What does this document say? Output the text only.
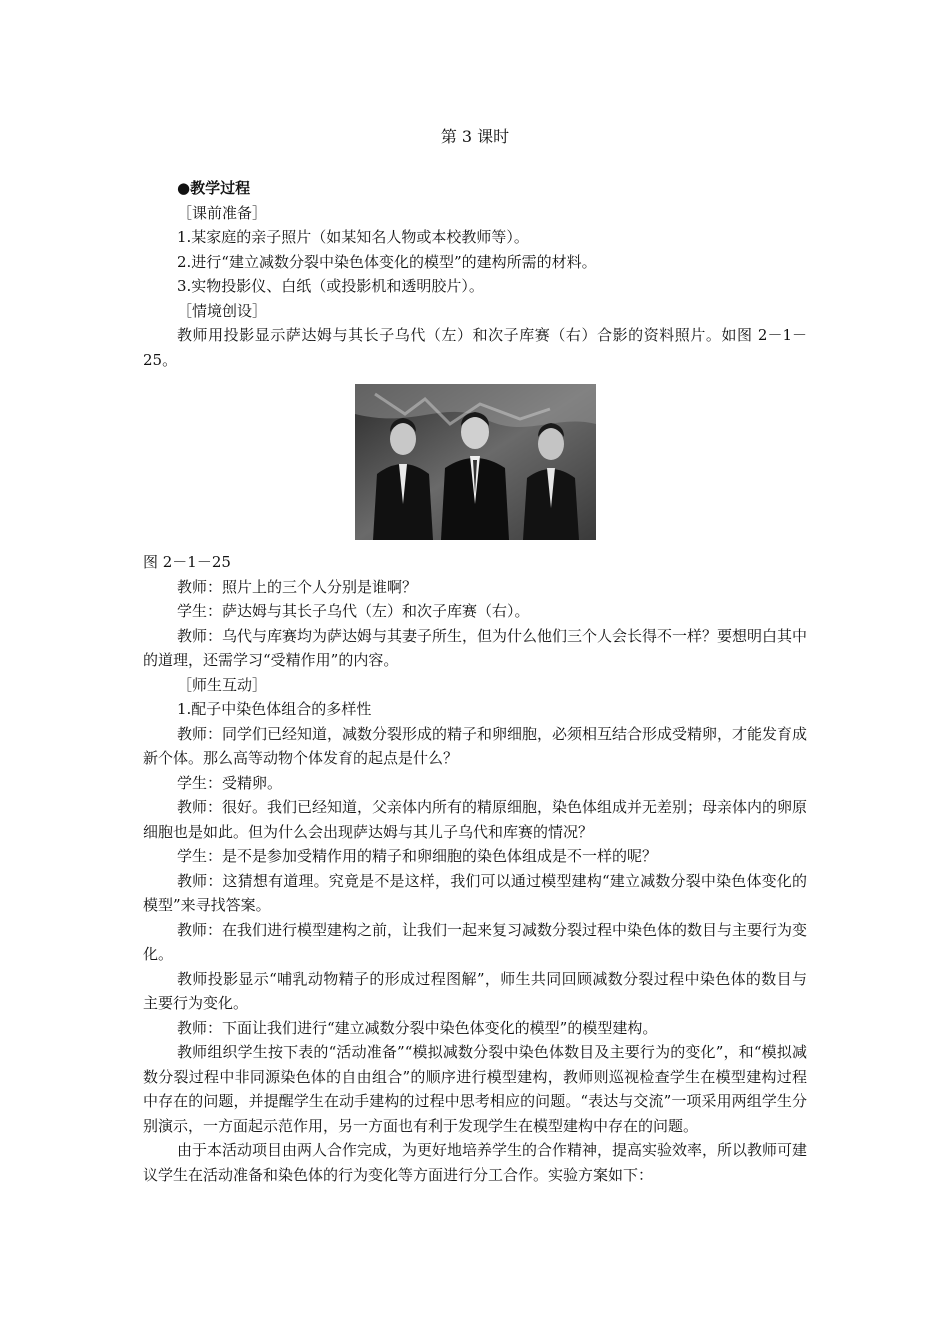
第 3 课时

●教学过程

［课前准备］

1.某家庭的亲子照片（如某知名人物或本校教师等）。

2.进行“建立减数分裂中染色体变化的模型”的建构所需的材料。

3.实物投影仪、白纸（或投影机和透明胶片）。

［情境创设］

教师用投影显示萨达姆与其长子乌代（左）和次子库赛（右）合影的资料照片。如图 2－1－25。

图 2－1－25

教师：照片上的三个人分别是谁啊？

学生：萨达姆与其长子乌代（左）和次子库赛（右）。

教师：乌代与库赛均为萨达姆与其妻子所生，但为什么他们三个人会长得不一样？要想明白其中的道理，还需学习“受精作用”的内容。

［师生互动］

1.配子中染色体组合的多样性

教师：同学们已经知道，减数分裂形成的精子和卵细胞，必须相互结合形成受精卵，才能发育成新个体。那么高等动物个体发育的起点是什么？

学生：受精卵。

教师：很好。我们已经知道，父亲体内所有的精原细胞，染色体组成并无差别；母亲体内的卵原细胞也是如此。但为什么会出现萨达姆与其儿子乌代和库赛的情况？

学生：是不是参加受精作用的精子和卵细胞的染色体组成是不一样的呢？

教师：这猜想有道理。究竟是不是这样，我们可以通过模型建构“建立减数分裂中染色体变化的模型”来寻找答案。

教师：在我们进行模型建构之前，让我们一起来复习减数分裂过程中染色体的数目与主要行为变化。

教师投影显示“哺乳动物精子的形成过程图解”，师生共同回顾减数分裂过程中染色体的数目与主要行为变化。

教师：下面让我们进行“建立减数分裂中染色体变化的模型”的模型建构。

教师组织学生按下表的“活动准备”“模拟减数分裂中染色体数目及主要行为的变化”，和“模拟减数分裂过程中非同源染色体的自由组合”的顺序进行模型建构，教师则巡视检查学生在模型建构过程中存在的问题，并提醒学生在动手建构的过程中思考相应的问题。“表达与交流”一项采用两组学生分别演示，一方面起示范作用，另一方面也有利于发现学生在模型建构中存在的问题。

由于本活动项目由两人合作完成，为更好地培养学生的合作精神，提高实验效率，所以教师可建议学生在活动准备和染色体的行为变化等方面进行分工合作。实验方案如下：
